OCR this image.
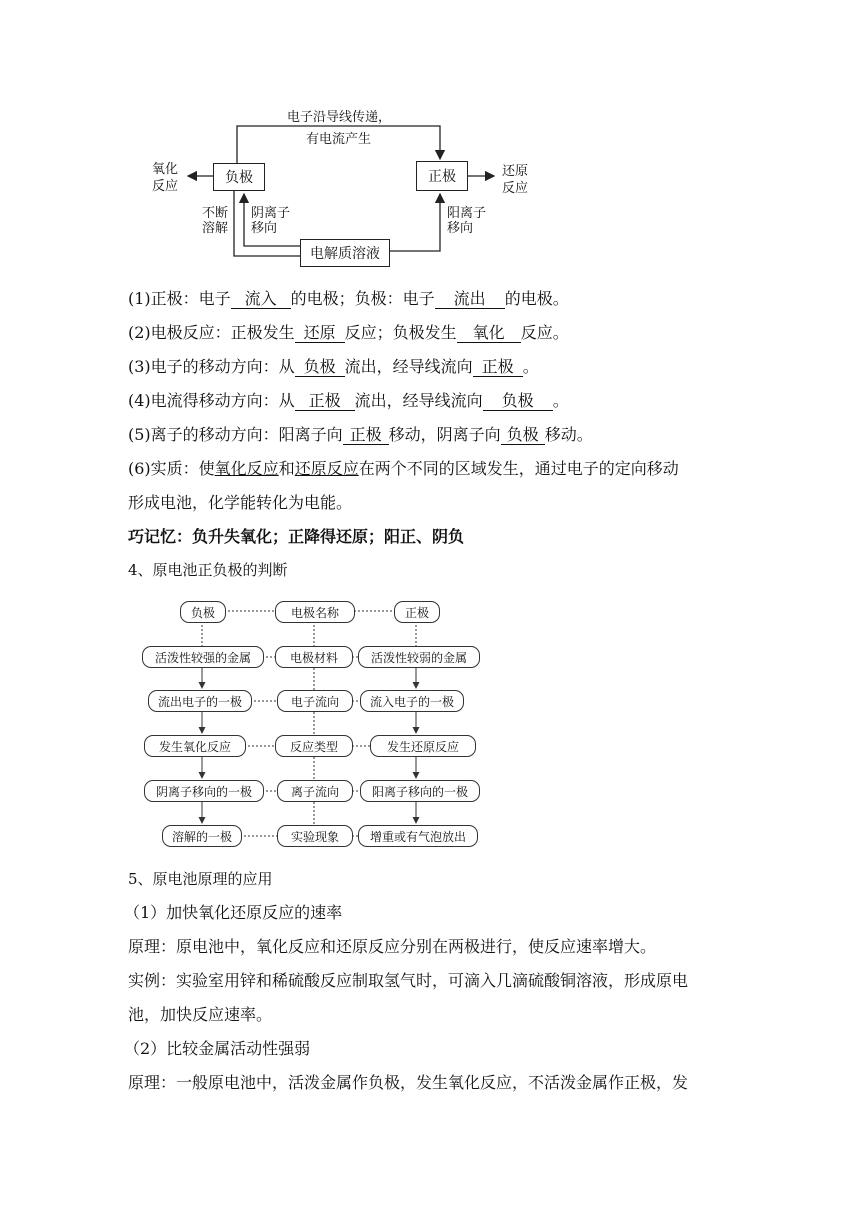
电子沿导线传递，
有电流产生
负极	正极
电解质溶液
氧化
反应
还原
反应
不断
溶解
阴离子
移向
阳离子
移向
(1)正极：电子 流入 的电极；负极：电子 流出 的电极。
(2)电极反应：正极发生 还原 反应；负极发生 氧化 反应。
(3)电子的移动方向：从 负极 流出，经导线流向 正极 。
(4)电流得移动方向：从 正极 流出，经导线流向 负极 。
(5)离子的移动方向：阳离子向 正极 移动，阴离子向 负极 移动。
(6)实质：使氧化反应和还原反应在两个不同的区域发生，通过电子的定向移动
形成电池，化学能转化为电能。
巧记忆：负升失氧化；正降得还原；阳正、阴负
4、原电池正负极的判断
负极	电极名称	正极
活泼性较强的金属	电极材料	活泼性较弱的金属
流出电子的一极	电子流向	流入电子的一极
发生氧化反应	反应类型	发生还原反应
阴离子移向的一极	离子流向	阳离子移向的一极
溶解的一极	实验现象	增重或有气泡放出
5、原电池原理的应用
（1）加快氧化还原反应的速率
原理：原电池中，氧化反应和还原反应分别在两极进行，使反应速率增大。
实例：实验室用锌和稀硫酸反应制取氢气时，可滴入几滴硫酸铜溶液，形成原电
池，加快反应速率。
（2）比较金属活动性强弱
原理：一般原电池中，活泼金属作负极，发生氧化反应，不活泼金属作正极，发
